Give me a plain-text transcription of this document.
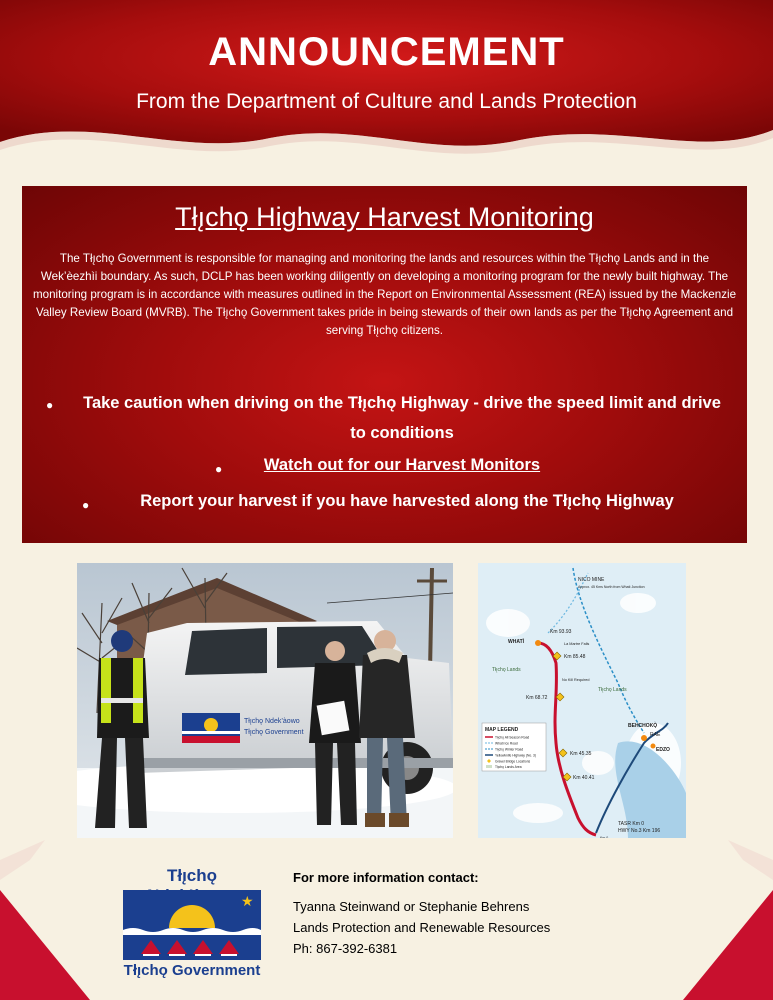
ANNOUNCEMENT
From the Department of Culture and Lands Protection
Tłı̨chǫ Highway Harvest Monitoring
The Tłı̨chǫ Government is responsible for managing and monitoring the lands and resources within the Tłı̨chǫ Lands and in the Wek’èezhìi boundary. As such, DCLP has been working diligently on developing a monitoring program for the newly built highway. The monitoring program is in accordance with measures outlined in the Report on Environmental Assessment (REA) issued by the Mackenzie Valley Review Board (MVRB). The Tłı̨chǫ Government takes pride in being stewards of their own lands as per the Tłı̨chǫ Agreement and serving Tłı̨chǫ citizens.
●	Take caution when driving on the Tłı̨chǫ Highway - drive the speed limit and drive to conditions
●	Watch out for our Harvest Monitors
●	Report your harvest if you have harvested along the Tłı̨chǫ Highway
Tłı̨chǫ Ndek’àowo
Tłı̨chǫ Government
NICO MINE
Approx. 45 Kms North from Whatì Junction
WHATÌ
Km 93.93
La Martre Falls
Km 85.48
Tłı̨chǫ Lands
No Kill Required
Km 68.72
Tłı̨chǫ Lands
BEHCHOKǪ̀
RAE
EDZO
Km 45.35
Km 40.41
MAP LEGEND
Tłı̨chǫ All Season Road
Whatì Ice Road
Tłı̨chǫ Winter Road
Yellowknife Highway (No. 3)
Gravel Bridge Locations
Tłı̨chǫ Lands Area
TASR Km 0
HWY No.3 Km 196
Km 0
Tłı̨chǫ
★
Tłı̨chǫ Government
For more information contact:
Tyanna Steinwand or Stephanie Behrens
Lands Protection and Renewable Resources
Ph: 867-392-6381
